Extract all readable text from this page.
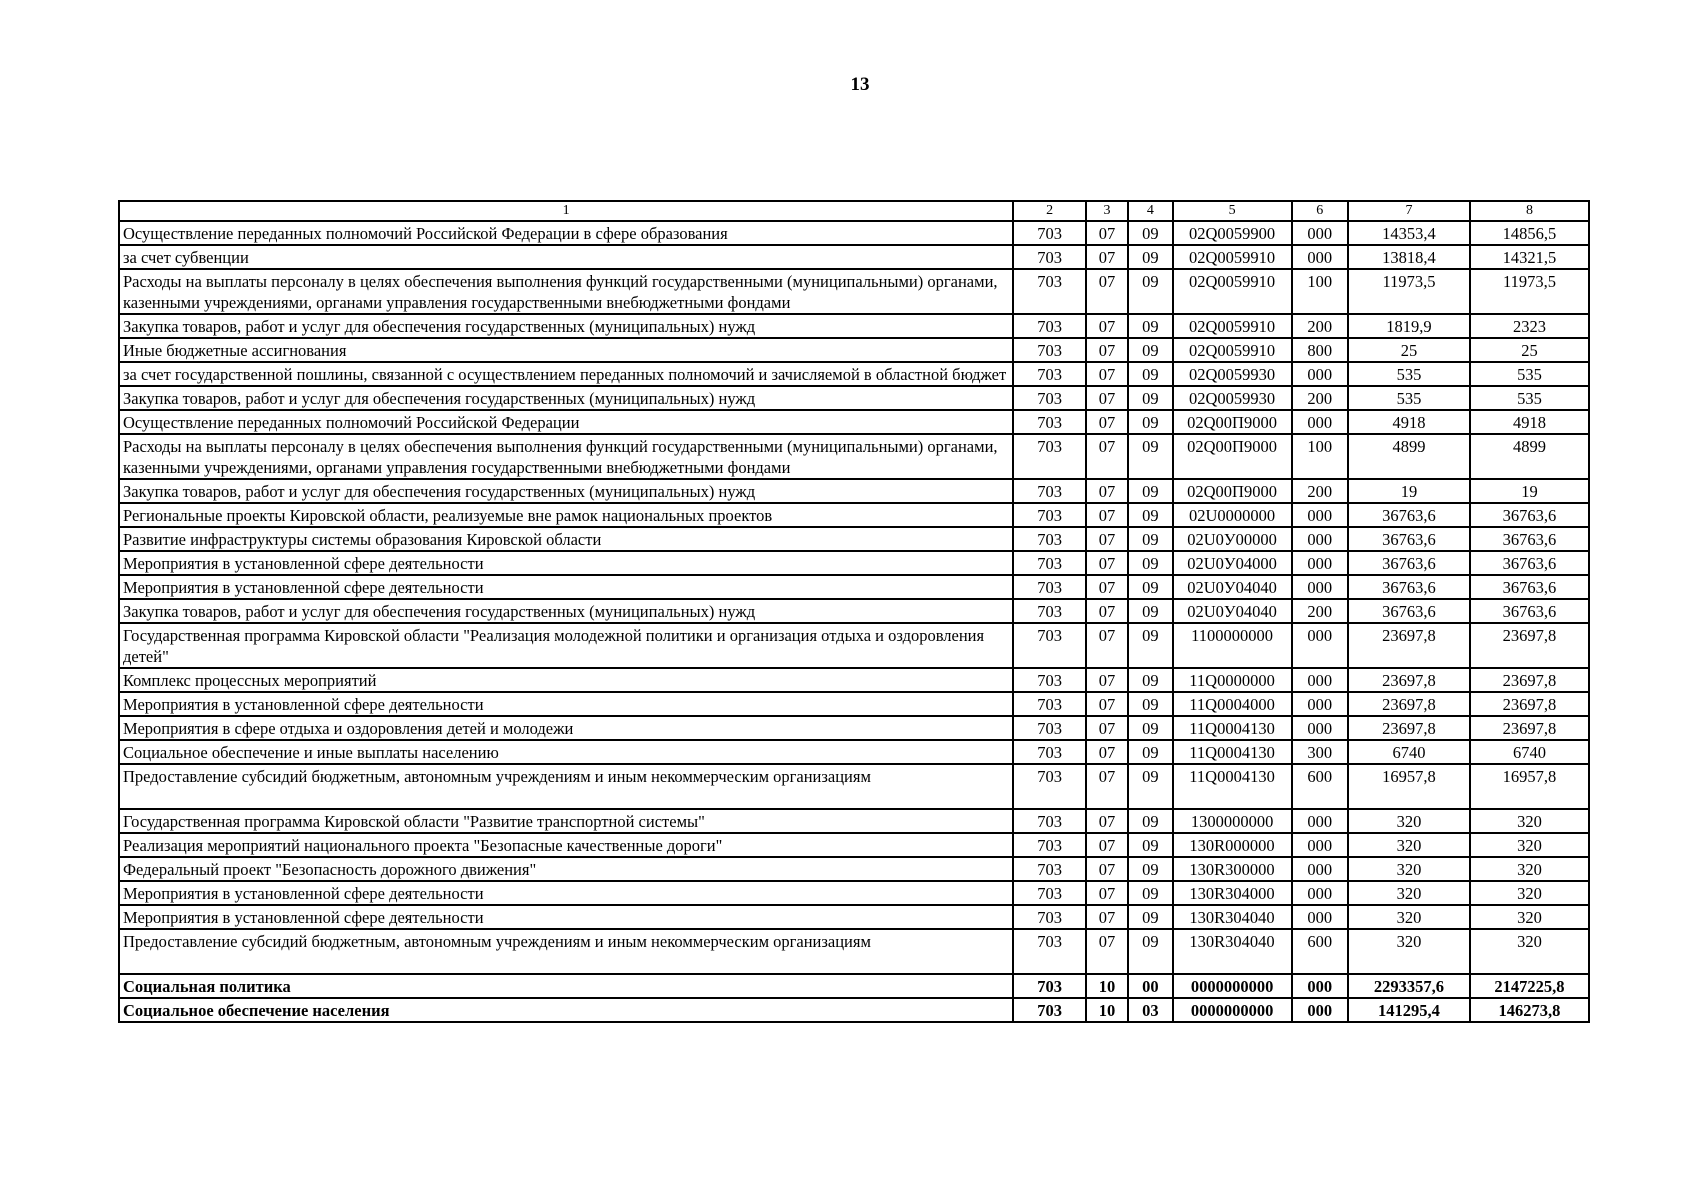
13
1	2	3	4	5	6	7	8
Осуществление переданных полномочий Российской Федерации в сфере образования	703	07	09	02Q0059900	000	14353,4	14856,5
за счет субвенции	703	07	09	02Q0059910	000	13818,4	14321,5
Расходы на выплаты персоналу в целях обеспечения выполнения функций государственными (муниципальными) органами, казенными учреждениями, органами управления государственными внебюджетными фондами	703	07	09	02Q0059910	100	11973,5	11973,5
Закупка товаров, работ и услуг для обеспечения государственных (муниципальных) нужд	703	07	09	02Q0059910	200	1819,9	2323
Иные бюджетные ассигнования	703	07	09	02Q0059910	800	25	25
за счет государственной пошлины, связанной с осуществлением переданных полномочий и зачисляемой в областной бюджет	703	07	09	02Q0059930	000	535	535
Закупка товаров, работ и услуг для обеспечения государственных (муниципальных) нужд	703	07	09	02Q0059930	200	535	535
Осуществление переданных полномочий Российской Федерации	703	07	09	02Q00П9000	000	4918	4918
Расходы на выплаты персоналу в целях обеспечения выполнения функций государственными (муниципальными) органами, казенными учреждениями, органами управления государственными внебюджетными фондами	703	07	09	02Q00П9000	100	4899	4899
Закупка товаров, работ и услуг для обеспечения государственных (муниципальных) нужд	703	07	09	02Q00П9000	200	19	19
Региональные проекты Кировской области, реализуемые вне рамок национальных проектов	703	07	09	02U0000000	000	36763,6	36763,6
Развитие инфраструктуры системы образования Кировской области	703	07	09	02U0У00000	000	36763,6	36763,6
Мероприятия в установленной сфере деятельности	703	07	09	02U0У04000	000	36763,6	36763,6
Мероприятия в установленной сфере деятельности	703	07	09	02U0У04040	000	36763,6	36763,6
Закупка товаров, работ и услуг для обеспечения государственных (муниципальных) нужд	703	07	09	02U0У04040	200	36763,6	36763,6
Государственная программа Кировской области "Реализация молодежной политики и организация отдыха и оздоровления детей"	703	07	09	1100000000	000	23697,8	23697,8
Комплекс процессных мероприятий	703	07	09	11Q0000000	000	23697,8	23697,8
Мероприятия в установленной сфере деятельности	703	07	09	11Q0004000	000	23697,8	23697,8
Мероприятия в сфере отдыха и оздоровления детей и молодежи	703	07	09	11Q0004130	000	23697,8	23697,8
Социальное обеспечение и иные выплаты населению	703	07	09	11Q0004130	300	6740	6740
Предоставление субсидий бюджетным, автономным учреждениям и иным некоммерческим организациям	703	07	09	11Q0004130	600	16957,8	16957,8
Государственная программа Кировской области "Развитие транспортной системы"	703	07	09	1300000000	000	320	320
Реализация мероприятий национального проекта "Безопасные качественные дороги"	703	07	09	130R000000	000	320	320
Федеральный проект "Безопасность дорожного движения"	703	07	09	130R300000	000	320	320
Мероприятия в установленной сфере деятельности	703	07	09	130R304000	000	320	320
Мероприятия в установленной сфере деятельности	703	07	09	130R304040	000	320	320
Предоставление субсидий бюджетным, автономным учреждениям и иным некоммерческим организациям	703	07	09	130R304040	600	320	320
Социальная политика	703	10	00	0000000000	000	2293357,6	2147225,8
Социальное обеспечение населения	703	10	03	0000000000	000	141295,4	146273,8
